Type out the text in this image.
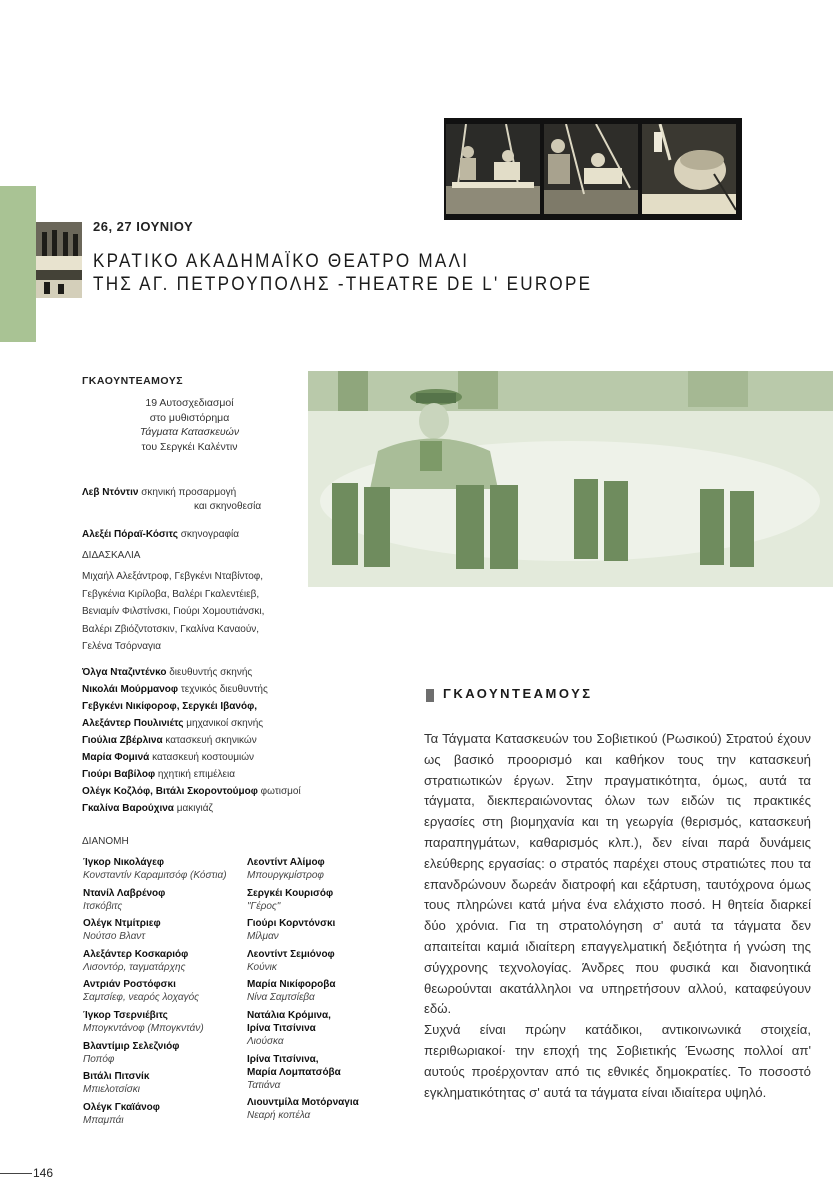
26, 27 ΙΟΥΝΙΟΥ
ΚΡΑΤΙΚΟ ΑΚΑΔΗΜΑΪΚΟ ΘΕΑΤΡΟ ΜΑΛΙ
ΤΗΣ ΑΓ. ΠΕΤΡΟΥΠΟΛΗΣ -THEATRE DE L' EUROPE
ΓΚΑΟΥΝΤΕΑΜΟΥΣ
19 Αυτοσχεδιασμοί
στο μυθιστόρημα
Τάγματα Κατασκευών
του Σεργκέι Καλέντιν
Λεβ Ντόντιν σκηνική προσαρμογή
και σκηνοθεσία
Αλεξέι Πόραϊ-Κόσιτς σκηνογραφία
ΔΙΔΑΣΚΑΛΙΑ
Μιχαήλ Αλεξάντροφ, Γεβγκένι Νταβίντοφ,
Γεβγκένια Κιρίλοβα, Βαλέρι Γκαλεντέιεβ,
Βενιαμίν Φιλστίνσκι, Γιούρι Χομουτιάνσκι,
Βαλέρι Ζβιόζντοτσκιν, Γκαλίνα Καναούν,
Γελένα Τσόρναγια
Όλγα Νταζιντένκο διευθυντής σκηνής
Νικολάι Μούρμανοφ τεχνικός διευθυντής
Γεβγκένι Νικίφοροφ, Σεργκέι Ιβανόφ,
Αλεξάντερ Πουλινιέτς μηχανικοί σκηνής
Γιούλια Ζβέρλινα κατασκευή σκηνικών
Μαρία Φομινά κατασκευή κοστουμιών
Γιούρι Βαβίλοφ ηχητική επιμέλεια
Ολέγκ Κοζλόφ, Βιτάλι Σκοροντούμοφ φωτισμοί
Γκαλίνα Βαρούχινα μακιγιάζ
ΔΙΑΝΟΜΗ
Ίγκορ Νικολάγεφ
Κονσταντίν Καραμιτσόφ (Κόστια)
Ντανίλ Λαβρένοφ
Ιτσκόβιτς
Ολέγκ Ντμίτριεφ
Νούτσο Βλαντ
Αλεξάντερ Κοσκαριόφ
Λισοντόρ, ταγματάρχης
Αντριάν Ροστόφσκι
Σαμτσίεφ, νεαρός λοχαγός
Ίγκορ Τσερνιέβιτς
Μπογκντάνοφ (Μπογκντάν)
Βλαντίμιρ Σελεζνιόφ
Ποπόφ
Βιτάλι Πιτσνίκ
Μπιελοτσίσκι
Ολέγκ Γκαϊάνοφ
Μπαμπάι
Λεοντίντ Αλίμοφ
Μπουργκμίστροφ
Σεργκέι Κουρισόφ
"Γέρος"
Γιούρι Κορντόνσκι
Μίλμαν
Λεοντίντ Σεμιόνοφ
Κούνικ
Μαρία Νικίφοροβα
Νίνα Σαμτσίεβα
Νατάλια Κρόμινα,
Ιρίνα Τιτσίνινα
Λιούσκα
Ιρίνα Τιτσίνινα,
Μαρία Λομπατσόβα
Τατιάνα
Λιουντμίλα Μοτόρναγια
Νεαρή κοπέλα
ΓΚΑΟΥΝΤΕΑΜΟΥΣ

Τα Τάγματα Κατασκευών του Σοβιετικού (Ρωσικού) Στρατού έχουν ως βασικό προορισμό και καθήκον τους την κατασκευή στρατιωτικών έργων. Στην πραγματικότητα, όμως, αυτά τα τάγματα, διεκπεραιώνοντας όλων των ειδών τις πρακτικές εργασίες στη βιομηχανία και τη γεωργία (θερισμός, κατασκευή παραπηγμάτων, καθαρισμός κλπ.), δεν είναι παρά δυνάμεις ελεύθερης εργασίας: ο στρατός παρέχει στους στρατιώτες που τα επανδρώνουν δωρεάν διατροφή και εξάρτυση, ταυτόχρονα όμως τους πληρώνει κατά μήνα ένα ελάχιστο ποσό. Η θητεία διαρκεί δύο χρόνια. Για τη στρατολόγηση σ' αυτά τα τάγματα δεν απαιτείται καμιά ιδιαίτερη επαγγελματική δεξιότητα ή γνώση της σύγχρονης τεχνολογίας. Άνδρες που φυσικά και διανοητικά θεωρούνται ακατάλληλοι να υπηρετήσουν αλλού, καταφεύγουν εδώ.

Συχνά είναι πρώην κατάδικοι, αντικοινωνικά στοιχεία, περιθωριακοί· την εποχή της Σοβιετικής Ένωσης πολλοί απ' αυτούς προέρχονταν από τις εθνικές δημοκρατίες. Το ποσοστό εγκληματικότητας σ' αυτά τα τάγματα είναι ιδιαίτερα υψηλό.

146
